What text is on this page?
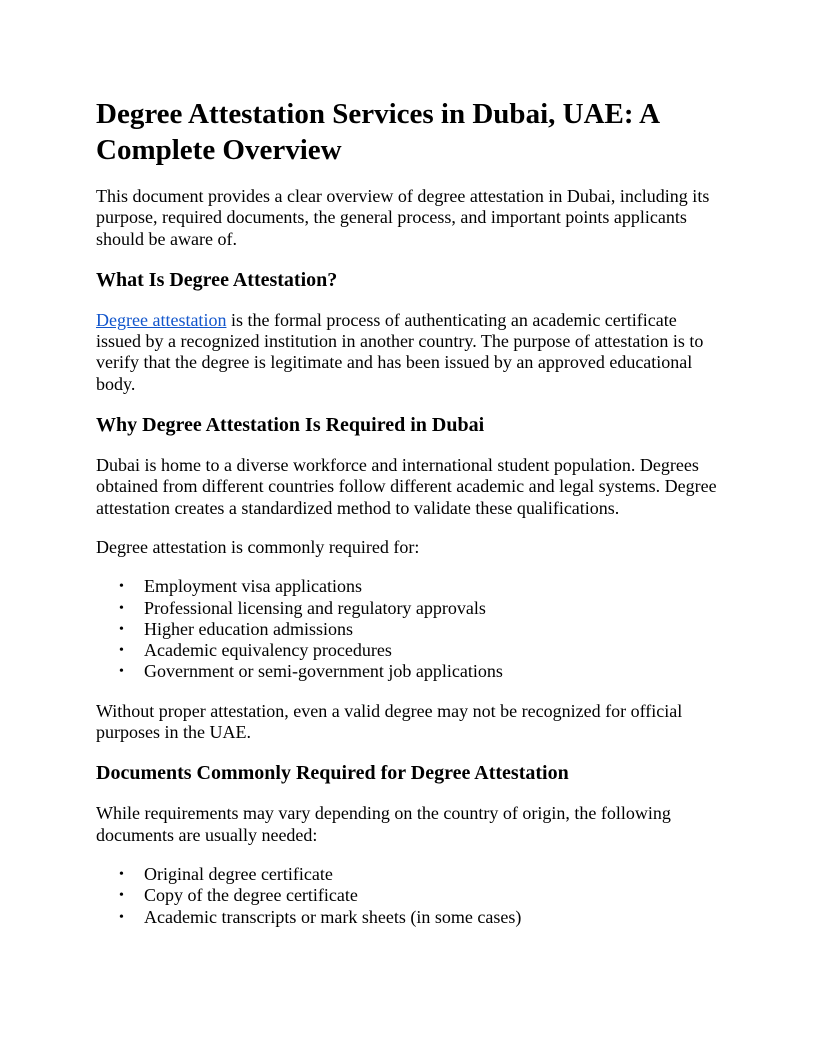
Degree Attestation Services in Dubai, UAE: A Complete Overview

This document provides a clear overview of degree attestation in Dubai, including its purpose, required documents, the general process, and important points applicants should be aware of.

What Is Degree Attestation?

Degree attestation is the formal process of authenticating an academic certificate issued by a recognized institution in another country. The purpose of attestation is to verify that the degree is legitimate and has been issued by an approved educational body.

Why Degree Attestation Is Required in Dubai

Dubai is home to a diverse workforce and international student population. Degrees obtained from different countries follow different academic and legal systems. Degree attestation creates a standardized method to validate these qualifications.

Degree attestation is commonly required for:

• Employment visa applications
• Professional licensing and regulatory approvals
• Higher education admissions
• Academic equivalency procedures
• Government or semi-government job applications

Without proper attestation, even a valid degree may not be recognized for official purposes in the UAE.

Documents Commonly Required for Degree Attestation

While requirements may vary depending on the country of origin, the following documents are usually needed:

• Original degree certificate
• Copy of the degree certificate
• Academic transcripts or mark sheets (in some cases)
